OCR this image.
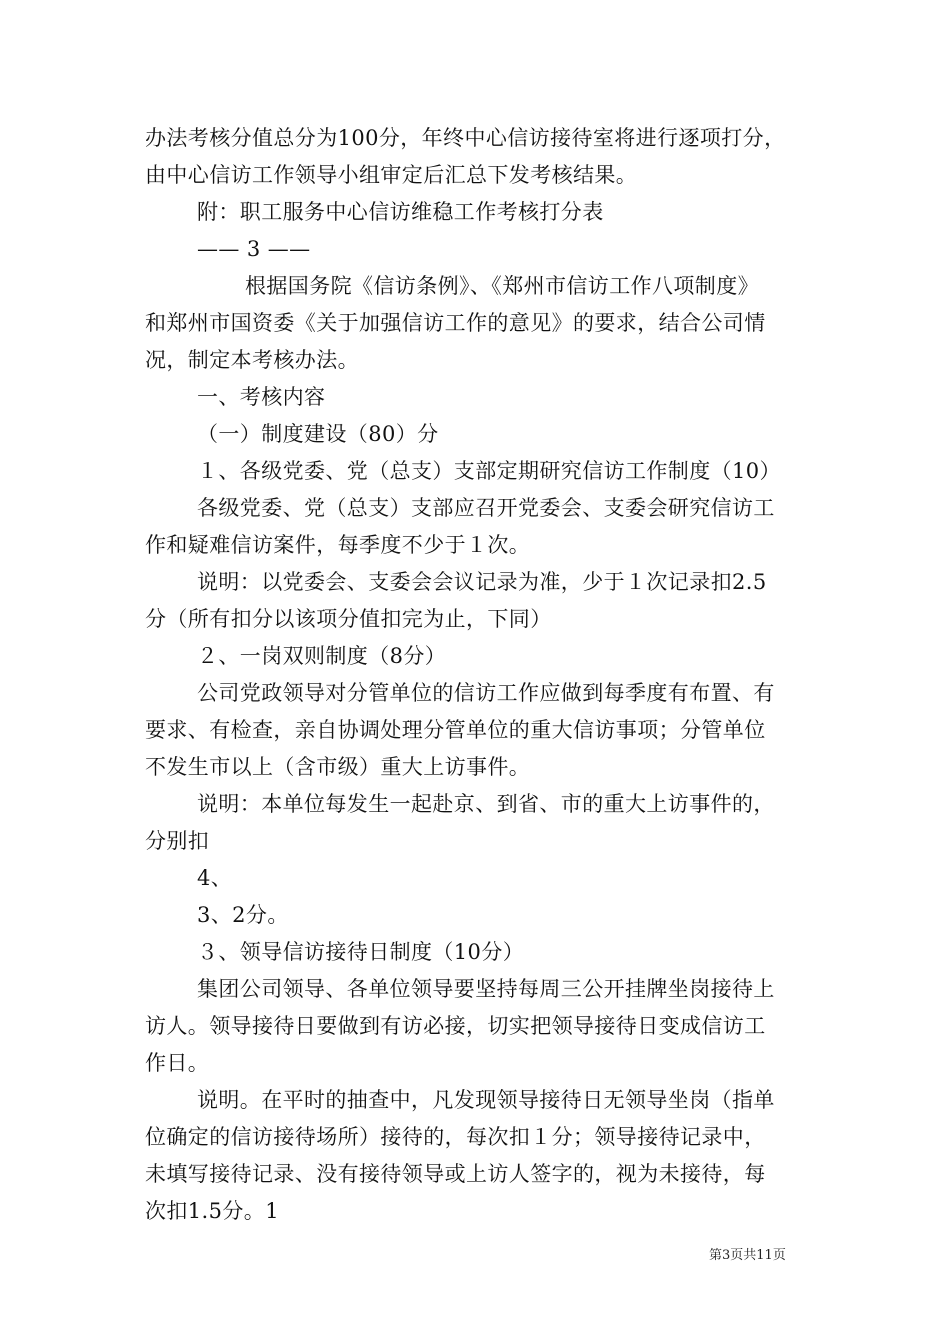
办法考核分值总分为100分，年终中心信访接待室将进行逐项打分，
由中心信访工作领导小组审定后汇总下发考核结果。
附：职工服务中心信访维稳工作考核打分表
—— 3 ——
根据国务院《信访条例》、《郑州市信访工作八项制度》
和郑州市国资委《关于加强信访工作的意见》的要求，结合公司情
况，制定本考核办法。
一、考核内容
（一）制度建设（80）分
１、各级党委、党（总支）支部定期研究信访工作制度（10）
各级党委、党（总支）支部应召开党委会、支委会研究信访工
作和疑难信访案件，每季度不少于１次。
说明：以党委会、支委会会议记录为准，少于１次记录扣2.5
分（所有扣分以该项分值扣完为止，下同）
２、一岗双则制度（8分）
公司党政领导对分管单位的信访工作应做到每季度有布置、有
要求、有检查，亲自协调处理分管单位的重大信访事项；分管单位
不发生市以上（含市级）重大上访事件。
说明：本单位每发生一起赴京、到省、市的重大上访事件的，
分别扣
4、
3、2分。
３、领导信访接待日制度（10分）
集团公司领导、各单位领导要坚持每周三公开挂牌坐岗接待上
访人。领导接待日要做到有访必接，切实把领导接待日变成信访工
作日。
说明。在平时的抽查中，凡发现领导接待日无领导坐岗（指单
位确定的信访接待场所）接待的，每次扣１分；领导接待记录中，
未填写接待记录、没有接待领导或上访人签字的，视为未接待，每
次扣1.5分。1
第3页共11页
